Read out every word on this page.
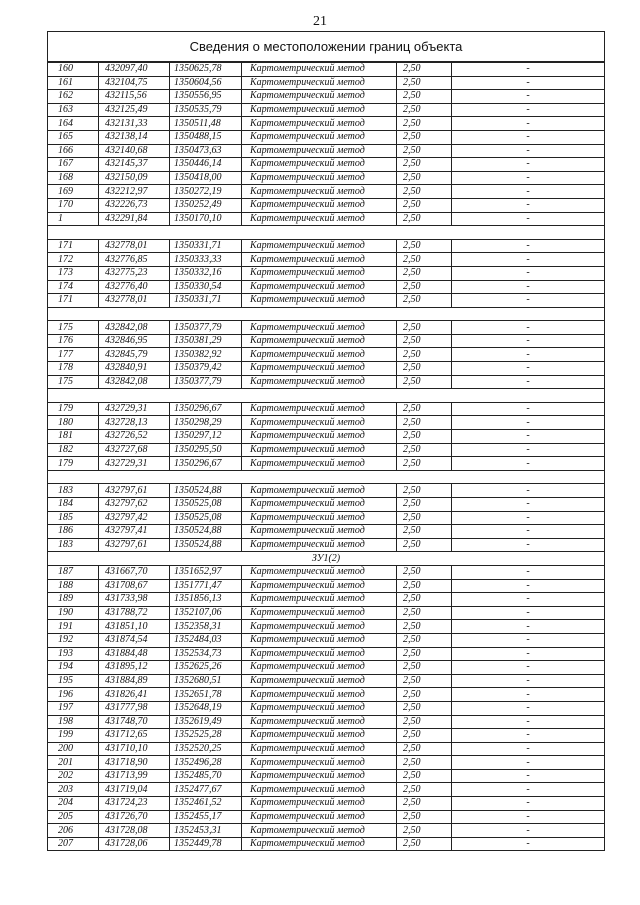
21
Сведения о местоположении границ объекта
160	432097,40	1350625,78	Картометрический метод	2,50	-
161	432104,75	1350604,56	Картометрический метод	2,50	-
162	432115,56	1350556,95	Картометрический метод	2,50	-
163	432125,49	1350535,79	Картометрический метод	2,50	-
164	432131,33	1350511,48	Картометрический метод	2,50	-
165	432138,14	1350488,15	Картометрический метод	2,50	-
166	432140,68	1350473,63	Картометрический метод	2,50	-
167	432145,37	1350446,14	Картометрический метод	2,50	-
168	432150,09	1350418,00	Картометрический метод	2,50	-
169	432212,97	1350272,19	Картометрический метод	2,50	-
170	432226,73	1350252,49	Картометрический метод	2,50	-
1	432291,84	1350170,10	Картометрический метод	2,50	-

171	432778,01	1350331,71	Картометрический метод	2,50	-
172	432776,85	1350333,33	Картометрический метод	2,50	-
173	432775,23	1350332,16	Картометрический метод	2,50	-
174	432776,40	1350330,54	Картометрический метод	2,50	-
171	432778,01	1350331,71	Картометрический метод	2,50	-

175	432842,08	1350377,79	Картометрический метод	2,50	-
176	432846,95	1350381,29	Картометрический метод	2,50	-
177	432845,79	1350382,92	Картометрический метод	2,50	-
178	432840,91	1350379,42	Картометрический метод	2,50	-
175	432842,08	1350377,79	Картометрический метод	2,50	-

179	432729,31	1350296,67	Картометрический метод	2,50	-
180	432728,13	1350298,29	Картометрический метод	2,50	-
181	432726,52	1350297,12	Картометрический метод	2,50	-
182	432727,68	1350295,50	Картометрический метод	2,50	-
179	432729,31	1350296,67	Картометрический метод	2,50	-

183	432797,61	1350524,88	Картометрический метод	2,50	-
184	432797,62	1350525,08	Картометрический метод	2,50	-
185	432797,42	1350525,08	Картометрический метод	2,50	-
186	432797,41	1350524,88	Картометрический метод	2,50	-
183	432797,61	1350524,88	Картометрический метод	2,50	-
ЗУ1(2)					
187	431667,70	1351652,97	Картометрический метод	2,50	-
188	431708,67	1351771,47	Картометрический метод	2,50	-
189	431733,98	1351856,13	Картометрический метод	2,50	-
190	431788,72	1352107,06	Картометрический метод	2,50	-
191	431851,10	1352358,31	Картометрический метод	2,50	-
192	431874,54	1352484,03	Картометрический метод	2,50	-
193	431884,48	1352534,73	Картометрический метод	2,50	-
194	431895,12	1352625,26	Картометрический метод	2,50	-
195	431884,89	1352680,51	Картометрический метод	2,50	-
196	431826,41	1352651,78	Картометрический метод	2,50	-
197	431777,98	1352648,19	Картометрический метод	2,50	-
198	431748,70	1352619,49	Картометрический метод	2,50	-
199	431712,65	1352525,28	Картометрический метод	2,50	-
200	431710,10	1352520,25	Картометрический метод	2,50	-
201	431718,90	1352496,28	Картометрический метод	2,50	-
202	431713,99	1352485,70	Картометрический метод	2,50	-
203	431719,04	1352477,67	Картометрический метод	2,50	-
204	431724,23	1352461,52	Картометрический метод	2,50	-
205	431726,70	1352455,17	Картометрический метод	2,50	-
206	431728,08	1352453,31	Картометрический метод	2,50	-
207	431728,06	1352449,78	Картометрический метод	2,50	-
